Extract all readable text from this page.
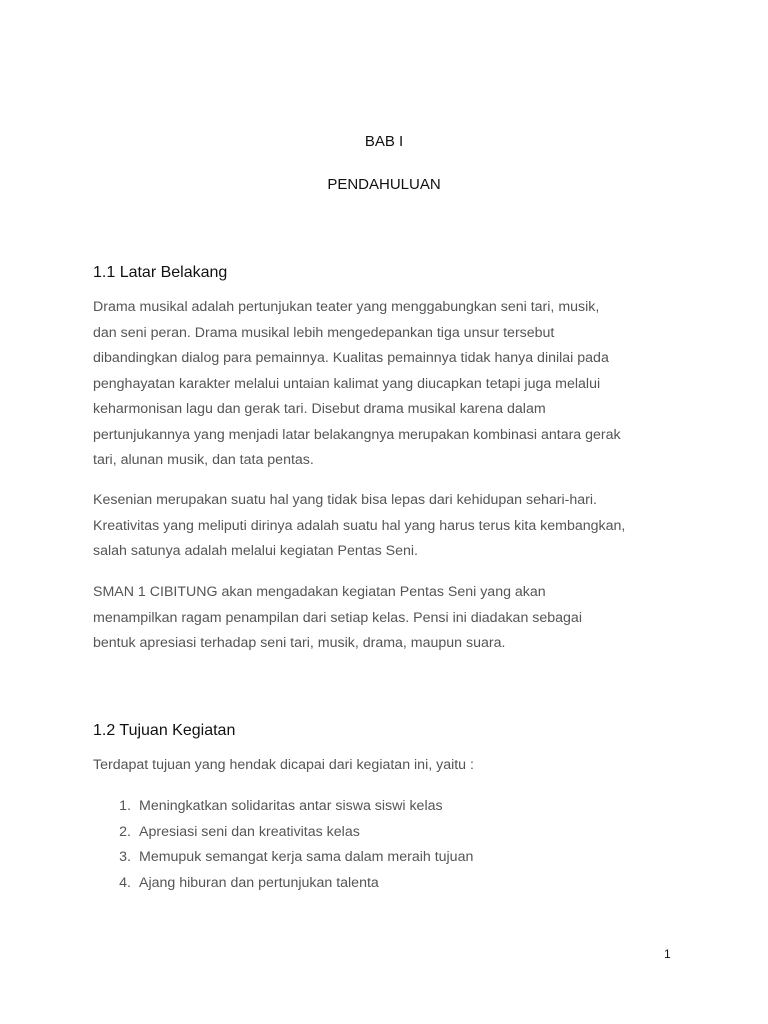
BAB I
PENDAHULUAN
1.1 Latar Belakang

Drama musikal adalah pertunjukan teater yang menggabungkan seni tari, musik,
dan seni peran. Drama musikal lebih mengedepankan tiga unsur tersebut
dibandingkan dialog para pemainnya. Kualitas pemainnya tidak hanya dinilai pada
penghayatan karakter melalui untaian kalimat yang diucapkan tetapi juga melalui
keharmonisan lagu dan gerak tari. Disebut drama musikal karena dalam
pertunjukannya yang menjadi latar belakangnya merupakan kombinasi antara gerak
tari, alunan musik, dan tata pentas.

Kesenian merupakan suatu hal yang tidak bisa lepas dari kehidupan sehari-hari.
Kreativitas yang meliputi dirinya adalah suatu hal yang harus terus kita kembangkan,
salah satunya adalah melalui kegiatan Pentas Seni.

SMAN 1 CIBITUNG akan mengadakan kegiatan Pentas Seni yang akan
menampilkan ragam penampilan dari setiap kelas. Pensi ini diadakan sebagai
bentuk apresiasi terhadap seni tari, musik, drama, maupun suara.

1.2 Tujuan Kegiatan

Terdapat tujuan yang hendak dicapai dari kegiatan ini, yaitu :

1. Meningkatkan solidaritas antar siswa siswi kelas
2. Apresiasi seni dan kreativitas kelas
3. Memupuk semangat kerja sama dalam meraih tujuan
4. Ajang hiburan dan pertunjukan talenta
1
